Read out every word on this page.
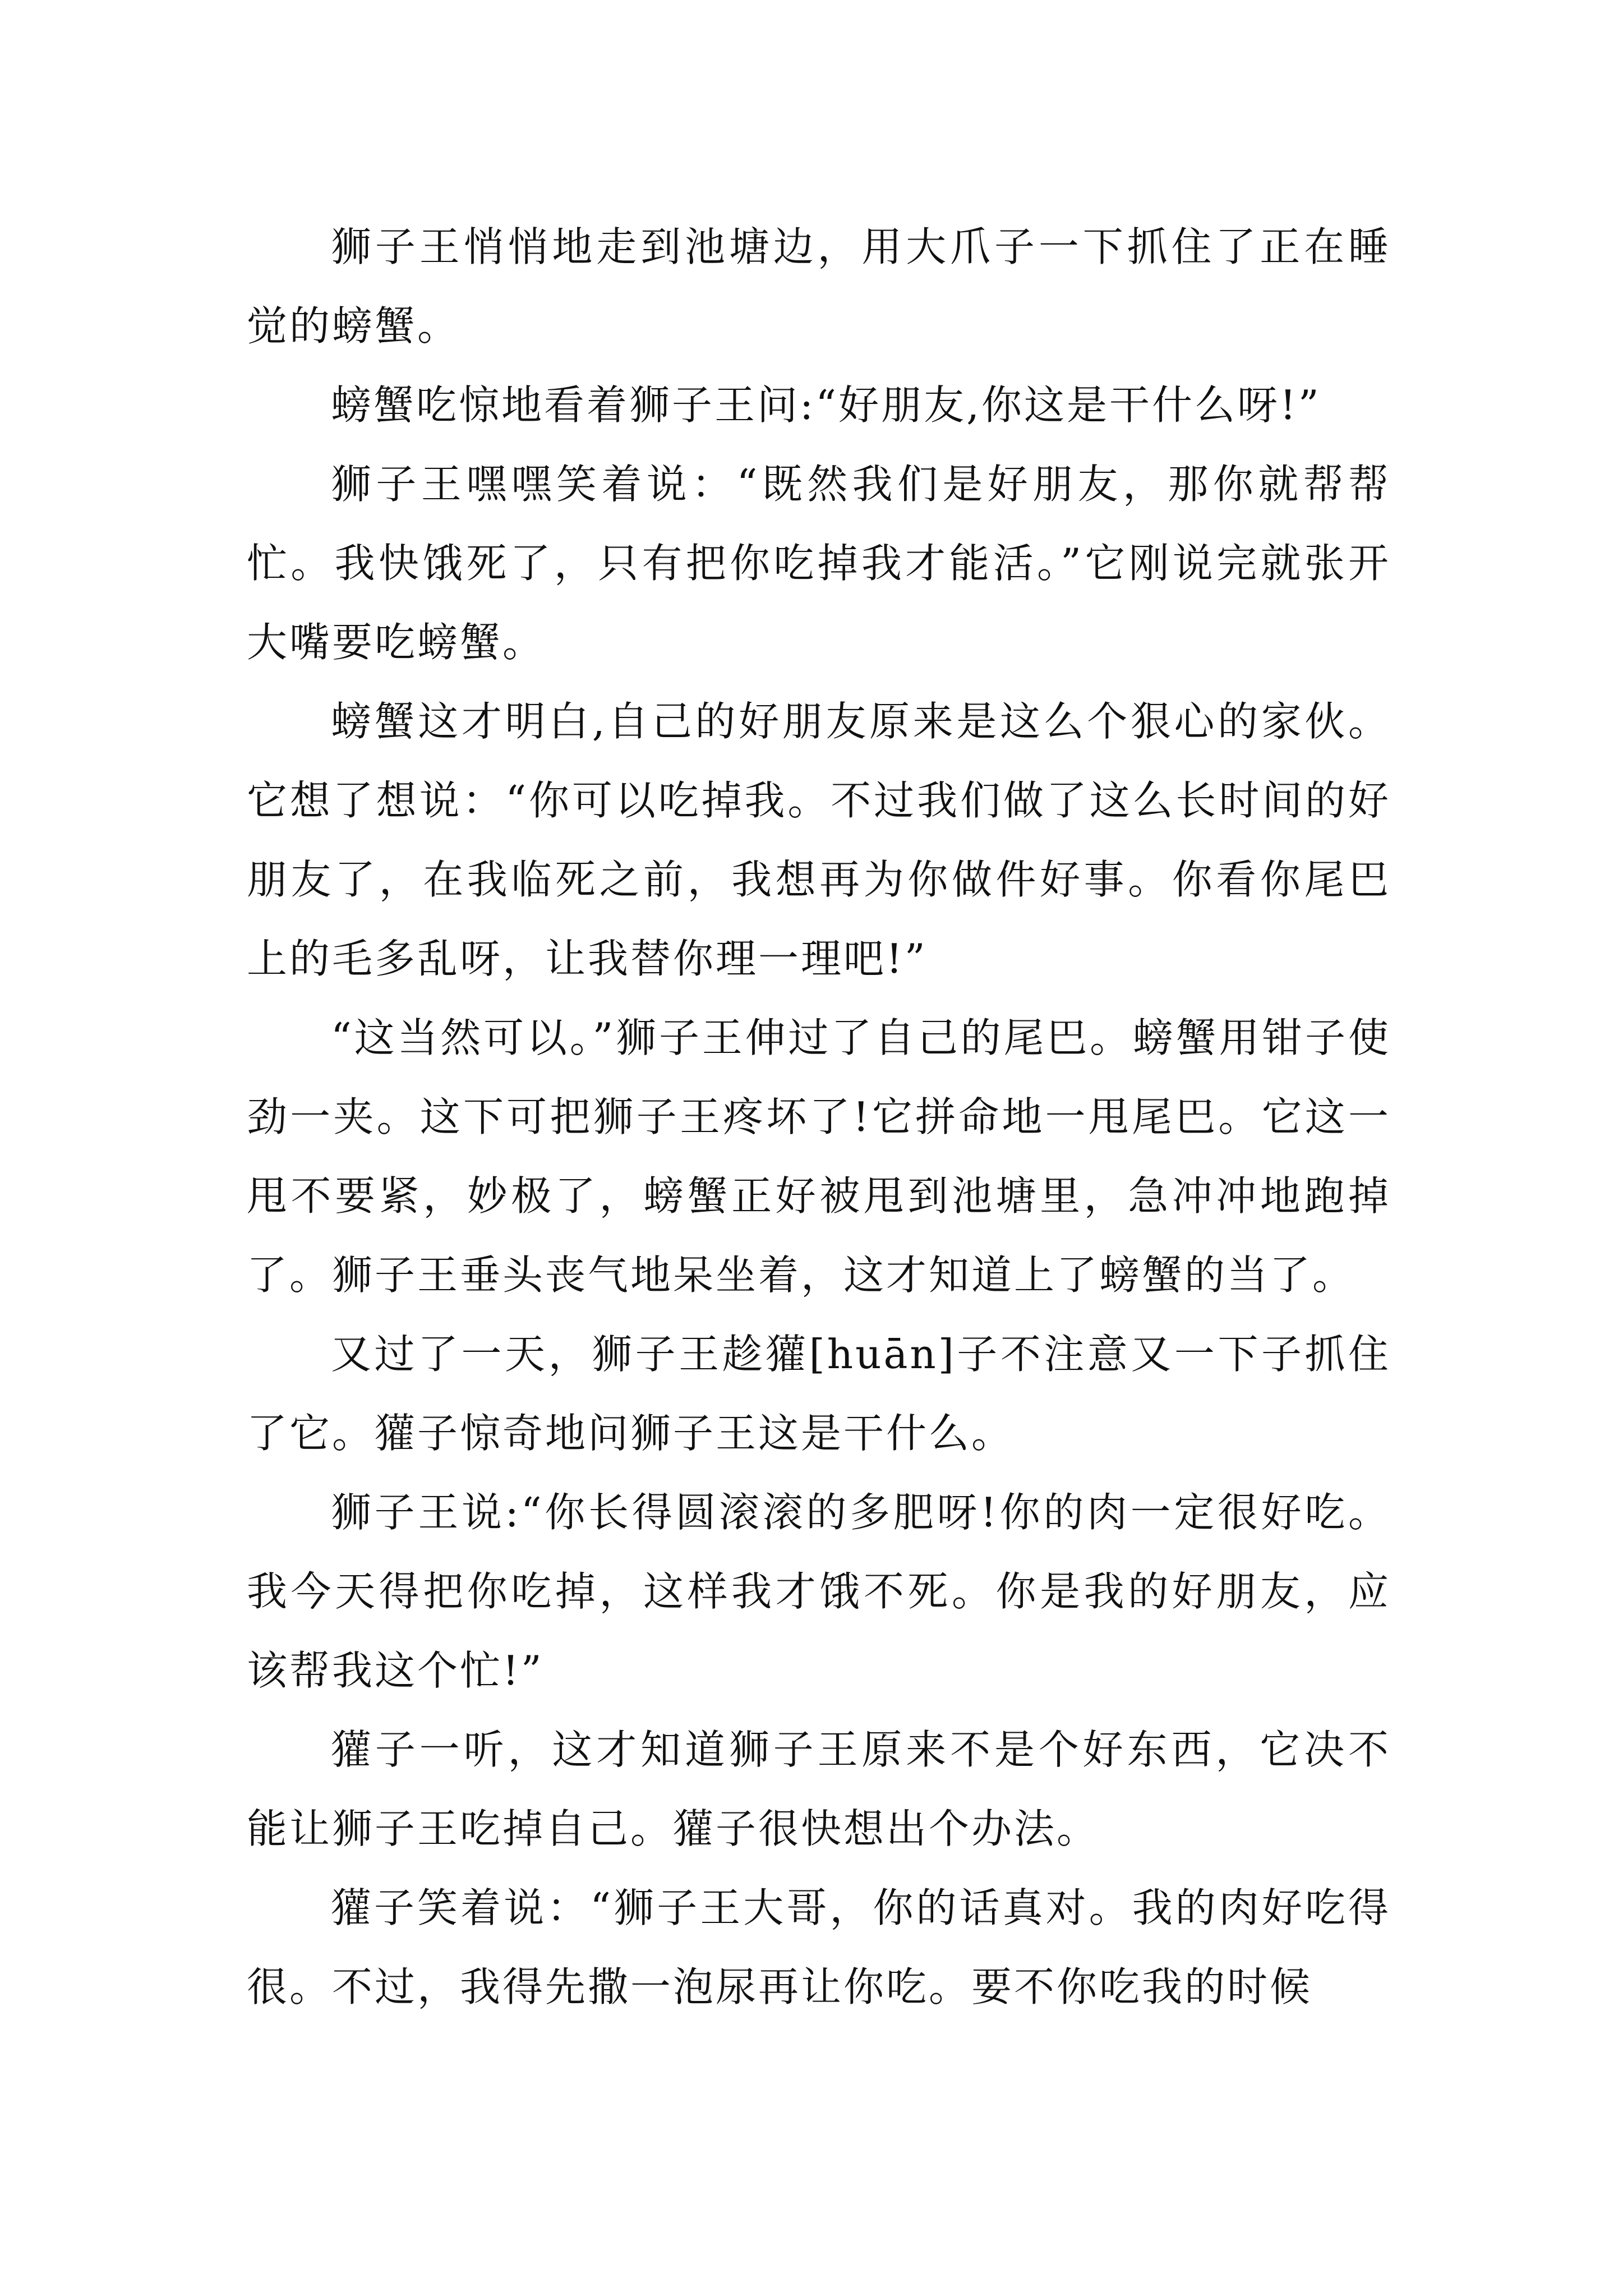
狮子王悄悄地走到池塘边，用大爪子一下抓住了正在睡觉的螃蟹。

螃蟹吃惊地看着狮子王问:“好朋友,你这是干什么呀!”

狮子王嘿嘿笑着说：“既然我们是好朋友，那你就帮帮忙。我快饿死了，只有把你吃掉我才能活。”它刚说完就张开大嘴要吃螃蟹。

螃蟹这才明白,自己的好朋友原来是这么个狠心的家伙。它想了想说：“你可以吃掉我。不过我们做了这么长时间的好朋友了，在我临死之前，我想再为你做件好事。你看你尾巴上的毛多乱呀，让我替你理一理吧!”

“这当然可以。”狮子王伸过了自己的尾巴。螃蟹用钳子使劲一夹。这下可把狮子王疼坏了!它拼命地一甩尾巴。它这一甩不要紧，妙极了，螃蟹正好被甩到池塘里，急冲冲地跑掉了。狮子王垂头丧气地呆坐着，这才知道上了螃蟹的当了。

又过了一天，狮子王趁獾[huān]子不注意又一下子抓住了它。獾子惊奇地问狮子王这是干什么。

狮子王说:“你长得圆滚滚的多肥呀!你的肉一定很好吃。我今天得把你吃掉，这样我才饿不死。你是我的好朋友，应该帮我这个忙!”

獾子一听，这才知道狮子王原来不是个好东西，它决不能让狮子王吃掉自己。獾子很快想出个办法。

獾子笑着说：“狮子王大哥，你的话真对。我的肉好吃得很。不过，我得先撒一泡尿再让你吃。要不你吃我的时候
